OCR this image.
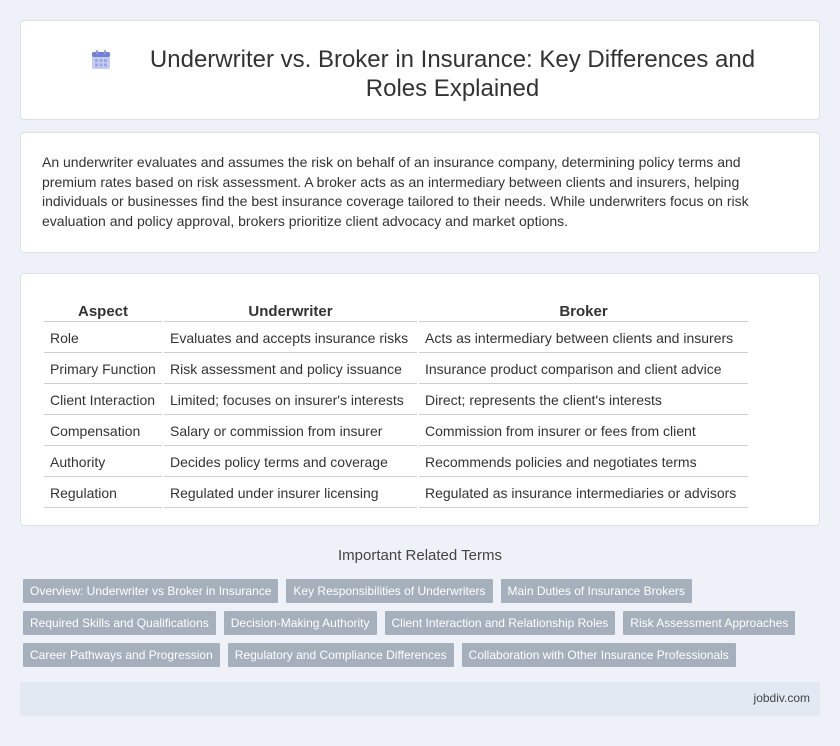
Underwriter vs. Broker in Insurance: Key Differences and Roles Explained

An underwriter evaluates and assumes the risk on behalf of an insurance company, determining policy terms and premium rates based on risk assessment. A broker acts as an intermediary between clients and insurers, helping individuals or businesses find the best insurance coverage tailored to their needs. While underwriters focus on risk evaluation and policy approval, brokers prioritize client advocacy and market options.

Aspect	Underwriter	Broker
Role	Evaluates and accepts insurance risks	Acts as intermediary between clients and insurers
Primary Function	Risk assessment and policy issuance	Insurance product comparison and client advice
Client Interaction	Limited; focuses on insurer's interests	Direct; represents the client's interests
Compensation	Salary or commission from insurer	Commission from insurer or fees from client
Authority	Decides policy terms and coverage	Recommends policies and negotiates terms
Regulation	Regulated under insurer licensing	Regulated as insurance intermediaries or advisors
Important Related Terms
Overview: Underwriter vs Broker in Insurance	Key Responsibilities of Underwriters	Main Duties of Insurance Brokers
Required Skills and Qualifications	Decision-Making Authority	Client Interaction and Relationship Roles	Risk Assessment Approaches
Career Pathways and Progression	Regulatory and Compliance Differences	Collaboration with Other Insurance Professionals
jobdiv.com
